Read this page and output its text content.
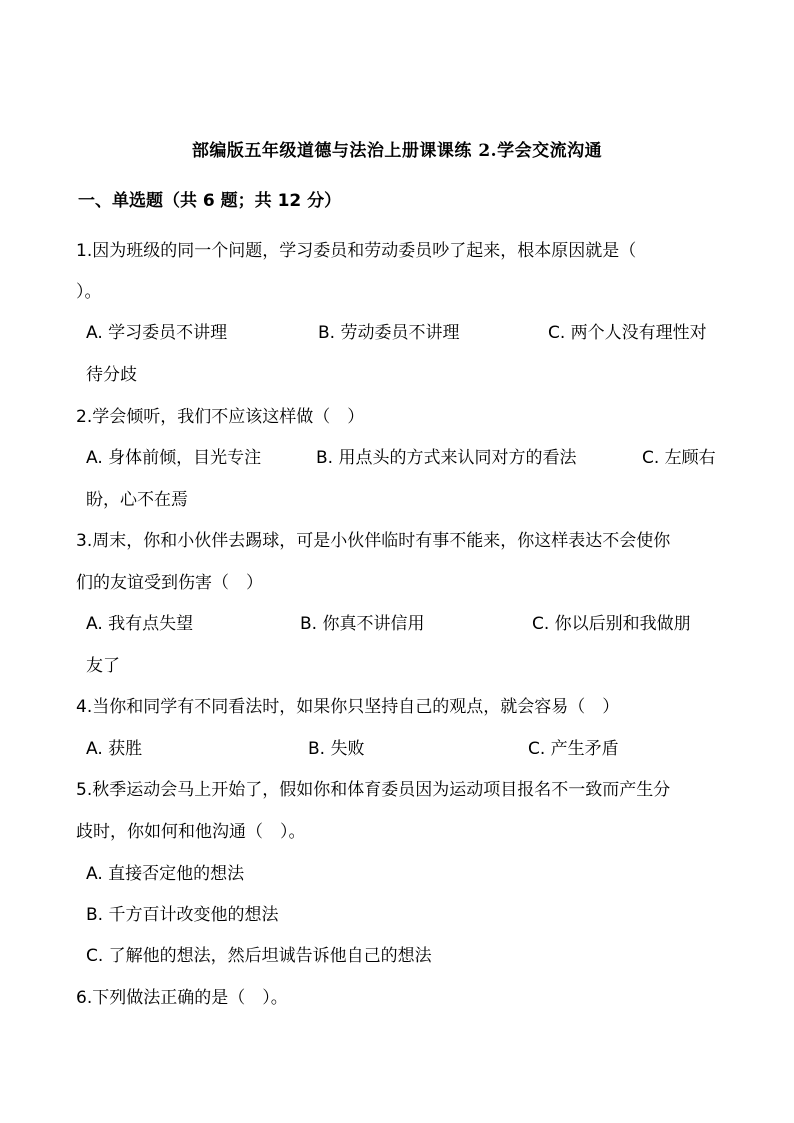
部编版五年级道德与法治上册课课练 2.学会交流沟通
一、单选题（共 6 题；共 12 分）
1.因为班级的同一个问题，学习委员和劳动委员吵了起来，根本原因就是（
）。
A. 学习委员不讲理	B. 劳动委员不讲理	C. 两个人没有理性对
待分歧
2.学会倾听，我们不应该这样做（　）
A. 身体前倾，目光专注	B. 用点头的方式来认同对方的看法	C. 左顾右
盼，心不在焉
3.周末，你和小伙伴去踢球，可是小伙伴临时有事不能来，你这样表达不会使你
们的友谊受到伤害（　）
A. 我有点失望	B. 你真不讲信用	C. 你以后别和我做朋
友了
4.当你和同学有不同看法时，如果你只坚持自己的观点，就会容易（　）
A. 获胜	B. 失败	C. 产生矛盾
5.秋季运动会马上开始了，假如你和体育委员因为运动项目报名不一致而产生分
歧时，你如何和他沟通（　）。
A. 直接否定他的想法
B. 千方百计改变他的想法
C. 了解他的想法，然后坦诚告诉他自己的想法
6.下列做法正确的是（　）。
